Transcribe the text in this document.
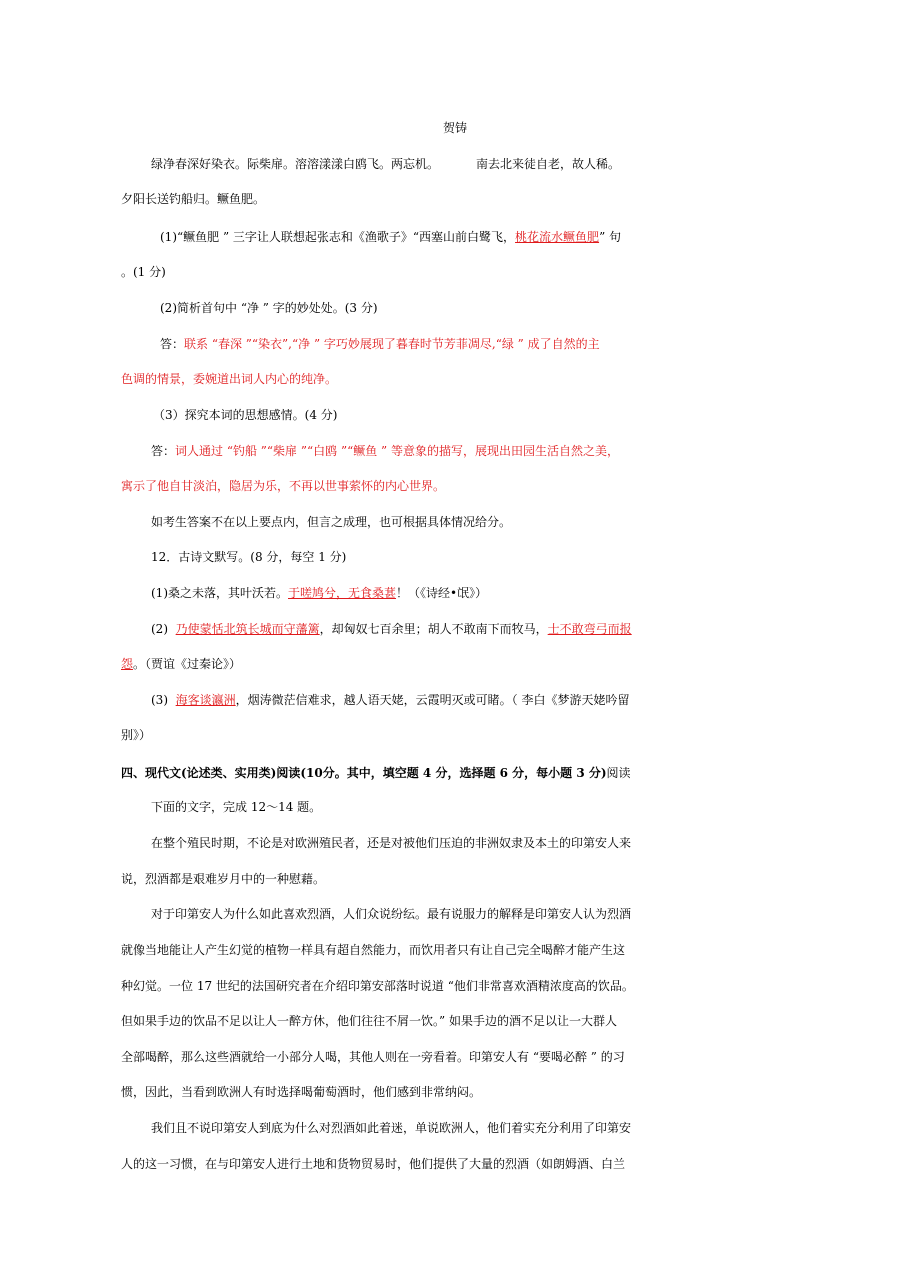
贺铸
绿净春深好染衣。际柴扉。溶溶漾漾白鸥飞。两忘机。	南去北来徒自老，故人稀。
夕阳长送钓船归。鳜鱼肥。
(1)“鳜鱼肥 ” 三字让人联想起张志和《渔歌子》“西塞山前白鹭飞，桃花流水鳜鱼肥” 句
。(1 分)
(2)简析首句中 “净 ” 字的妙处处。(3 分)
答：联系 “春深 ”“染衣”,“净 ” 字巧妙展现了暮春时节芳菲凋尽,“绿 ” 成了自然的主
色调的情景，委婉道出词人内心的纯净。
（3）探究本词的思想感情。(4 分)
答：词人通过 “钓船 ”“柴扉 ”“白鸥 ”“鳜鱼 ” 等意象的描写，展现出田园生活自然之美，
寓示了他自甘淡泊，隐居为乐，不再以世事萦怀的内心世界。
如考生答案不在以上要点内，但言之成理，也可根据具体情况给分。
12．古诗文默写。(8 分，每空 1 分)
(1)桑之未落，其叶沃若。于嗟鸠兮，无食桑葚！（《诗经•氓》）
(2) 乃使蒙恬北筑长城而守藩篱，却匈奴七百余里；胡人不敢南下而牧马，士不敢弯弓而报
怨。（贾谊《过秦论》）
(3) 海客谈瀛洲，烟涛微茫信难求，越人语天姥，云霞明灭或可睹。（ 李白《梦游天姥吟留
别》）
四、现代文(论述类、实用类)阅读(10分。其中，填空题 4 分，选择题 6 分，每小题 3 分)阅读
下面的文字，完成 12～14 题。
在整个殖民时期，不论是对欧洲殖民者，还是对被他们压迫的非洲奴隶及本土的印第安人来
说，烈酒都是艰难岁月中的一种慰藉。
对于印第安人为什么如此喜欢烈酒，人们众说纷纭。最有说服力的解释是印第安人认为烈酒
就像当地能让人产生幻觉的植物一样具有超自然能力，而饮用者只有让自己完全喝醉才能产生这
种幻觉。一位 17 世纪的法国研究者在介绍印第安部落时说道 “他们非常喜欢酒精浓度高的饮品。
但如果手边的饮品不足以让人一醉方休，他们往往不屑一饮。” 如果手边的酒不足以让一大群人
全部喝醉，那么这些酒就给一小部分人喝，其他人则在一旁看着。印第安人有 “要喝必醉 ” 的习
惯，因此，当看到欧洲人有时选择喝葡萄酒时，他们感到非常纳闷。
我们且不说印第安人到底为什么对烈酒如此着迷，单说欧洲人，他们着实充分利用了印第安
人的这一习惯，在与印第安人进行土地和货物贸易时，他们提供了大量的烈酒（如朗姆酒、白兰
